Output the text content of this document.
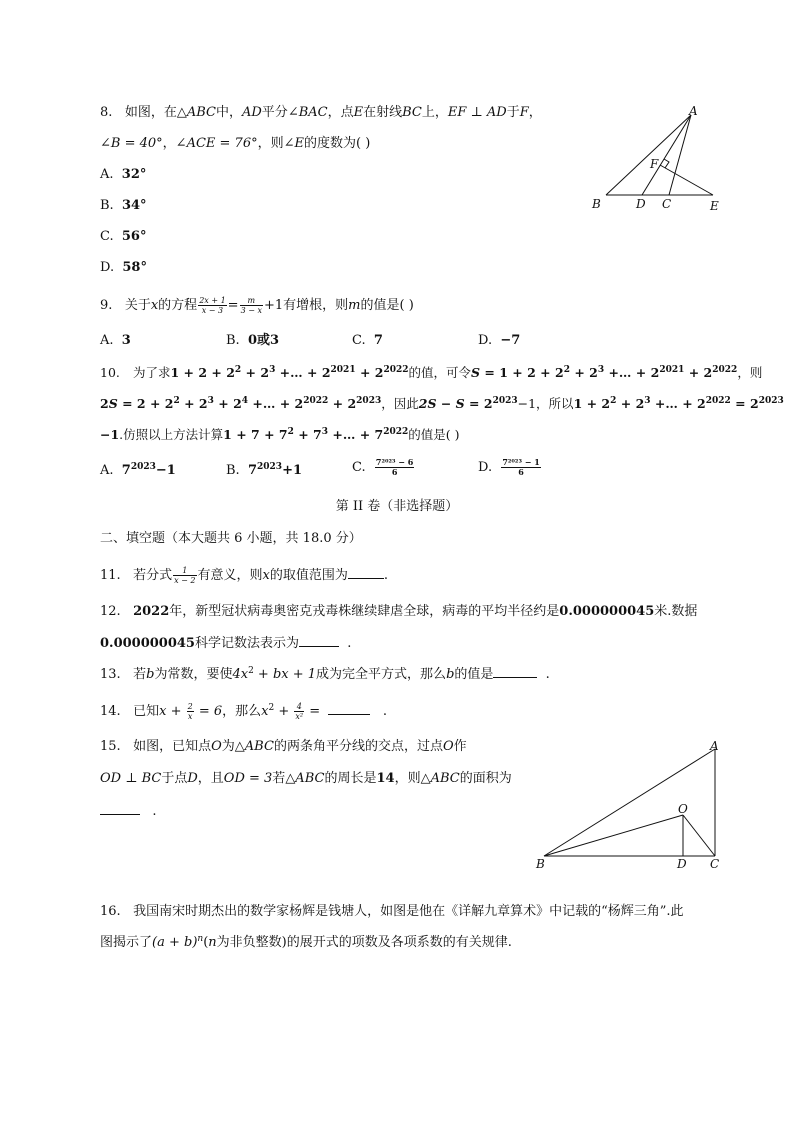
8. 如图，在△ABC中，AD平分∠BAC，点E在射线BC上，EF ⊥ AD于F，
∠B = 40°，∠ACE = 76°，则∠E的度数为( )
A. 32°
B. 34°
C. 56°
D. 58°
A
B	D C	E
F
9. 关于x的方程 $\frac{2x + 1}{x - 3} = \frac{m}{3 - x} +1$有增根，则m的值是( )
A. 3	B. 0或3	C. 7	D. −7
10. 为了求$1 + 2 + 2^2 + 2^3$ +… + $2^{2021} + 2^{2022}$的值，可令$S = 1 + 2 + 2^2 + 2^3$ +… + $2^{2021} + 2^{2022}$，则
$2S = 2 + 2^2 + 2^3 + 2^4$ +… + $2^{2022} + 2^{2023}$，因此$2S - S = 2^{2023}-1$，所以$1 + 2^2 + 2^3$ +… + $2^{2022} = 2^{2023}$
−1.仿照以上方法计算$1 + 7 + 7^2 + 7^3$ +… + $7^{2022}$的值是( )
A. $7^{2023}-1$	B. $7^{2023}+1$	C. $\frac{\text{7²⁰²³ − 6}}{6}$	D. $\frac{\text{7²⁰²³ − 1}}{6}$
第 II 卷（非选择题）
二、填空题（本大题共 6 小题，共 18.0 分）
11. 若分式 $\frac{1}{x - 2}$ 有意义，则x的取值范围为	.
12. 2022年，新型冠状病毒奥密克戎毒株继续肆虐全球，病毒的平均半径约是0.000000045米.数据
0.000000045科学记数法表示为	.
13. 若b为常数，要使$4x^2$ + bx + 1成为完全平方式，那么b的值是	.
14. 已知$x + \frac{2}{x} = 6$，那么$x^2 + \frac{4}{\text{x²}}$ =	.
15. 如图，已知点O为△ABC的两条角平分线的交点，过点O作
OD ⊥ BC于点D，且OD = 3若△ABC的周长是14，则△ABC的面积为
.
A
B	D C
O
16. 我国南宋时期杰出的数学家杨辉是钱塘人，如图是他在《详解九章算术》中记载的“杨辉三角”.此
图揭示了$(a + b)^n(n$为非负整数)的展开式的项数及各项系数的有关规律.
